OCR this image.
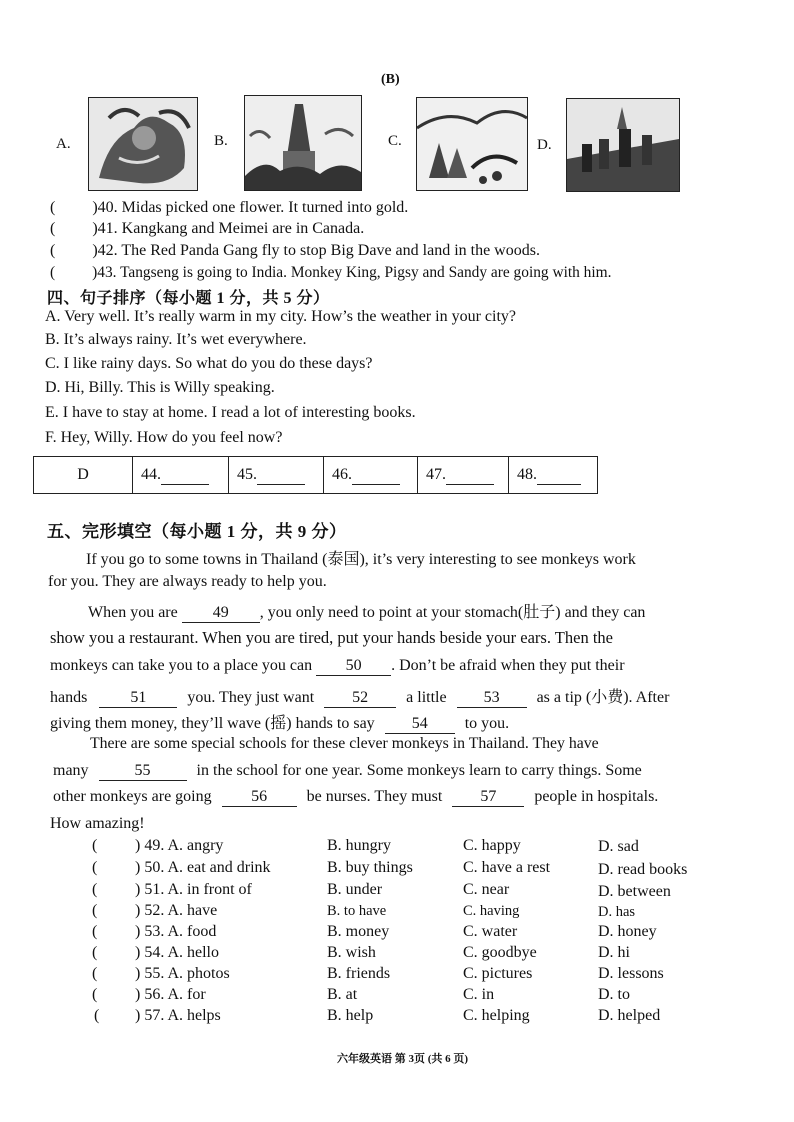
(B)
A.	B.	C.	D.
( )40. Midas picked one flower. It turned into gold.
( )41. Kangkang and Meimei are in Canada.
( )42. The Red Panda Gang fly to stop Big Dave and land in the woods.
( )43. Tangseng is going to India. Monkey King, Pigsy and Sandy are going with him.
四、句子排序（每小题 1 分，共 5 分）
A. Very well. It’s really warm in my city. How’s the weather in your city?
B. It’s always rainy. It’s wet everywhere.
C. I like rainy days. So what do you do these days?
D. Hi, Billy. This is Willy speaking.
E. I have to stay at home. I read a lot of interesting books.
F. Hey, Willy. How do you feel now?
D	44.	45.	46.	47.	48.
五、完形填空（每小题 1 分，共 9 分）
If you go to some towns in Thailand (泰国), it’s very interesting to see monkeys work
for you. They are always ready to help you.
When you are 49 , you only need to point at your stomach(肚子) and they can
show you a restaurant. When you are tired, put your hands beside your ears. Then the
monkeys can take you to a place you can 50 . Don’t be afraid when they put their
hands	51	you. They just want 52 a little 53 as a tip (小费). After
giving them money, they’ll wave (摇) hands to say 54 to you.
There are some special schools for these clever monkeys in Thailand. They have
many	55	in the school for one year. Some monkeys learn to carry things. Some
other monkeys are going 56 be nurses. They must 57 people in hospitals.
How amazing!
( ) 49. A. angry	B. hungry	C. happy	D. sad
( ) 50. A. eat and drink	B. buy things	C. have a rest	D. read books
( ) 51. A. in front of	B. under	C. near	D. between
( ) 52. A. have	B. to have	C. having	D. has
( ) 53. A. food	B. money	C. water	D. honey
( ) 54. A. hello	B. wish	C. goodbye	D. hi
( ) 55. A. photos	B. friends	C. pictures	D. lessons
( ) 56. A. for	B. at	C. in	D. to
( ) 57. A. helps	B. help	C. helping	D. helped
六年级英语 第 3页 (共 6 页)
